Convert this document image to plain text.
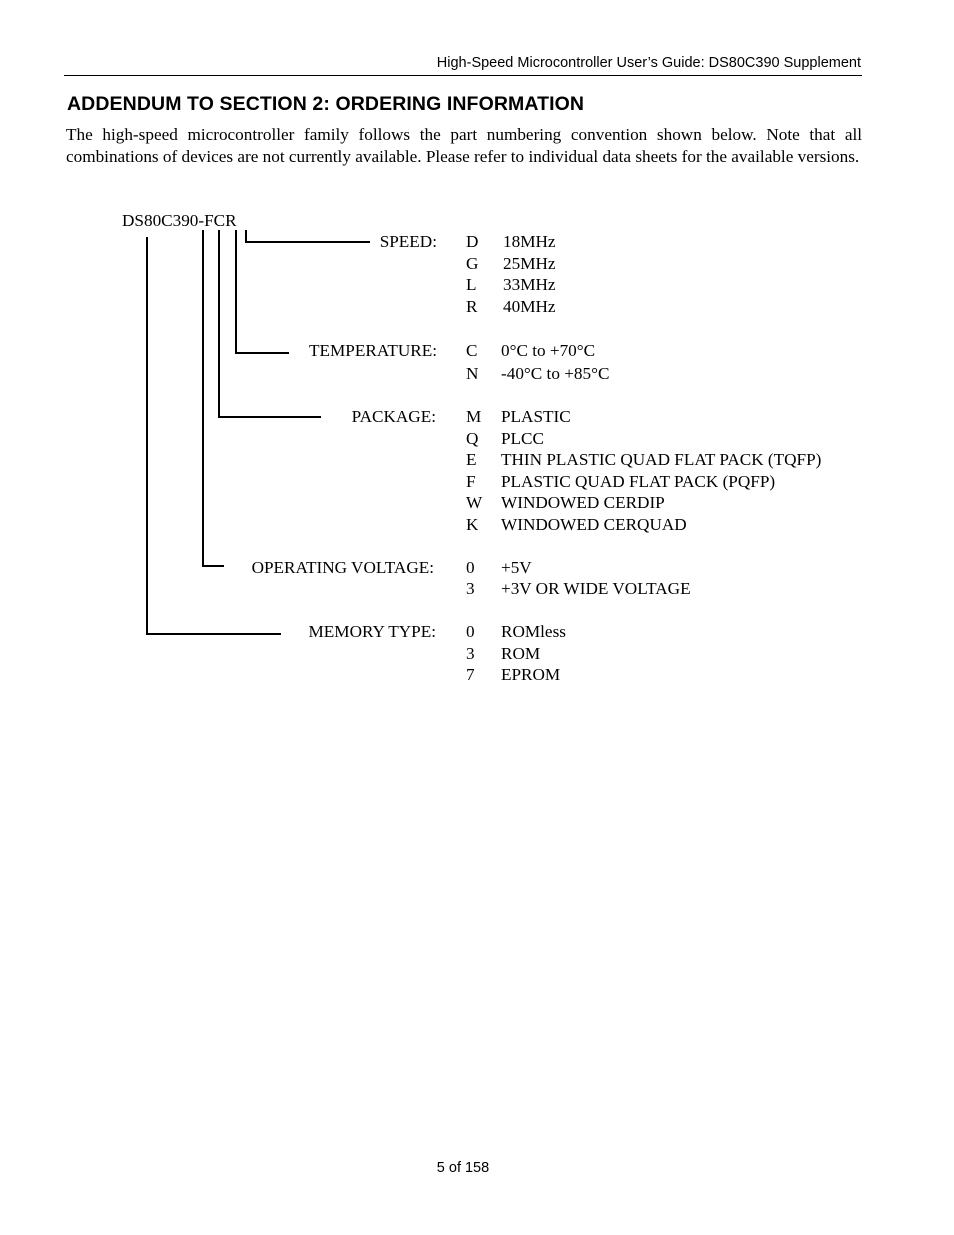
High-Speed Microcontroller User’s Guide: DS80C390 Supplement
ADDENDUM TO SECTION 2: ORDERING INFORMATION

The high-speed microcontroller family follows the part numbering convention shown below. Note that all combinations of devices are not currently available. Please refer to individual data sheets for the available versions.

DS80C390-FCR
SPEED: D 18MHz
G 25MHz
L 33MHz
R 40MHz
TEMPERATURE: C 0°C to +70°C
N -40°C to +85°C
PACKAGE: M PLASTIC
Q PLCC
E THIN PLASTIC QUAD FLAT PACK (TQFP)
F PLASTIC QUAD FLAT PACK (PQFP)
W WINDOWED CERDIP
K WINDOWED CERQUAD
OPERATING VOLTAGE: 0 +5V
3 +3V OR WIDE VOLTAGE
MEMORY TYPE: 0 ROMless
3 ROM
7 EPROM
5 of 158
